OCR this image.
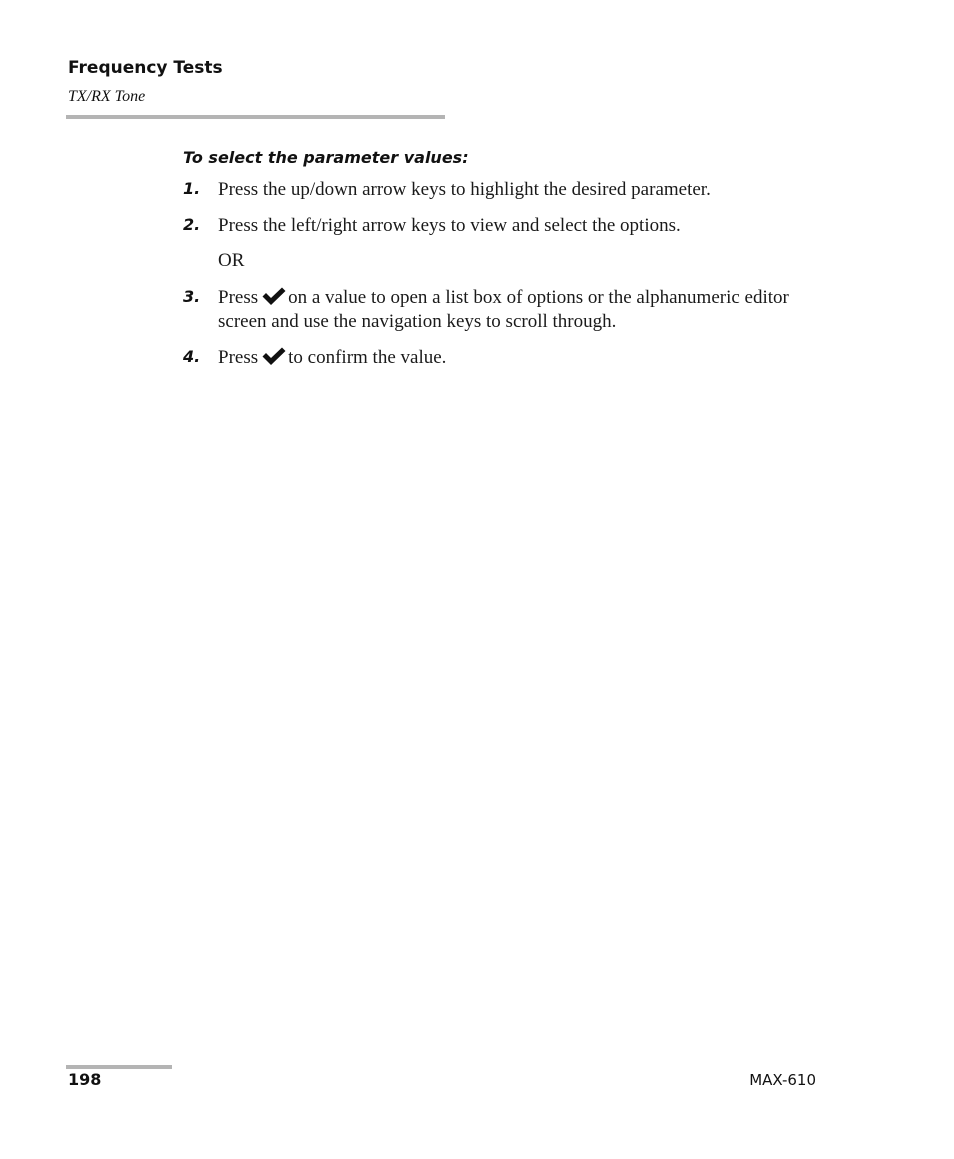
Frequency Tests
TX/RX Tone
To select the parameter values:
1. Press the up/down arrow keys to highlight the desired parameter.
2. Press the left/right arrow keys to view and select the options.
OR
3. Press on a value to open a list box of options or the alphanumeric editor screen and use the navigation keys to scroll through.
4. Press to confirm the value.
198	MAX-610
